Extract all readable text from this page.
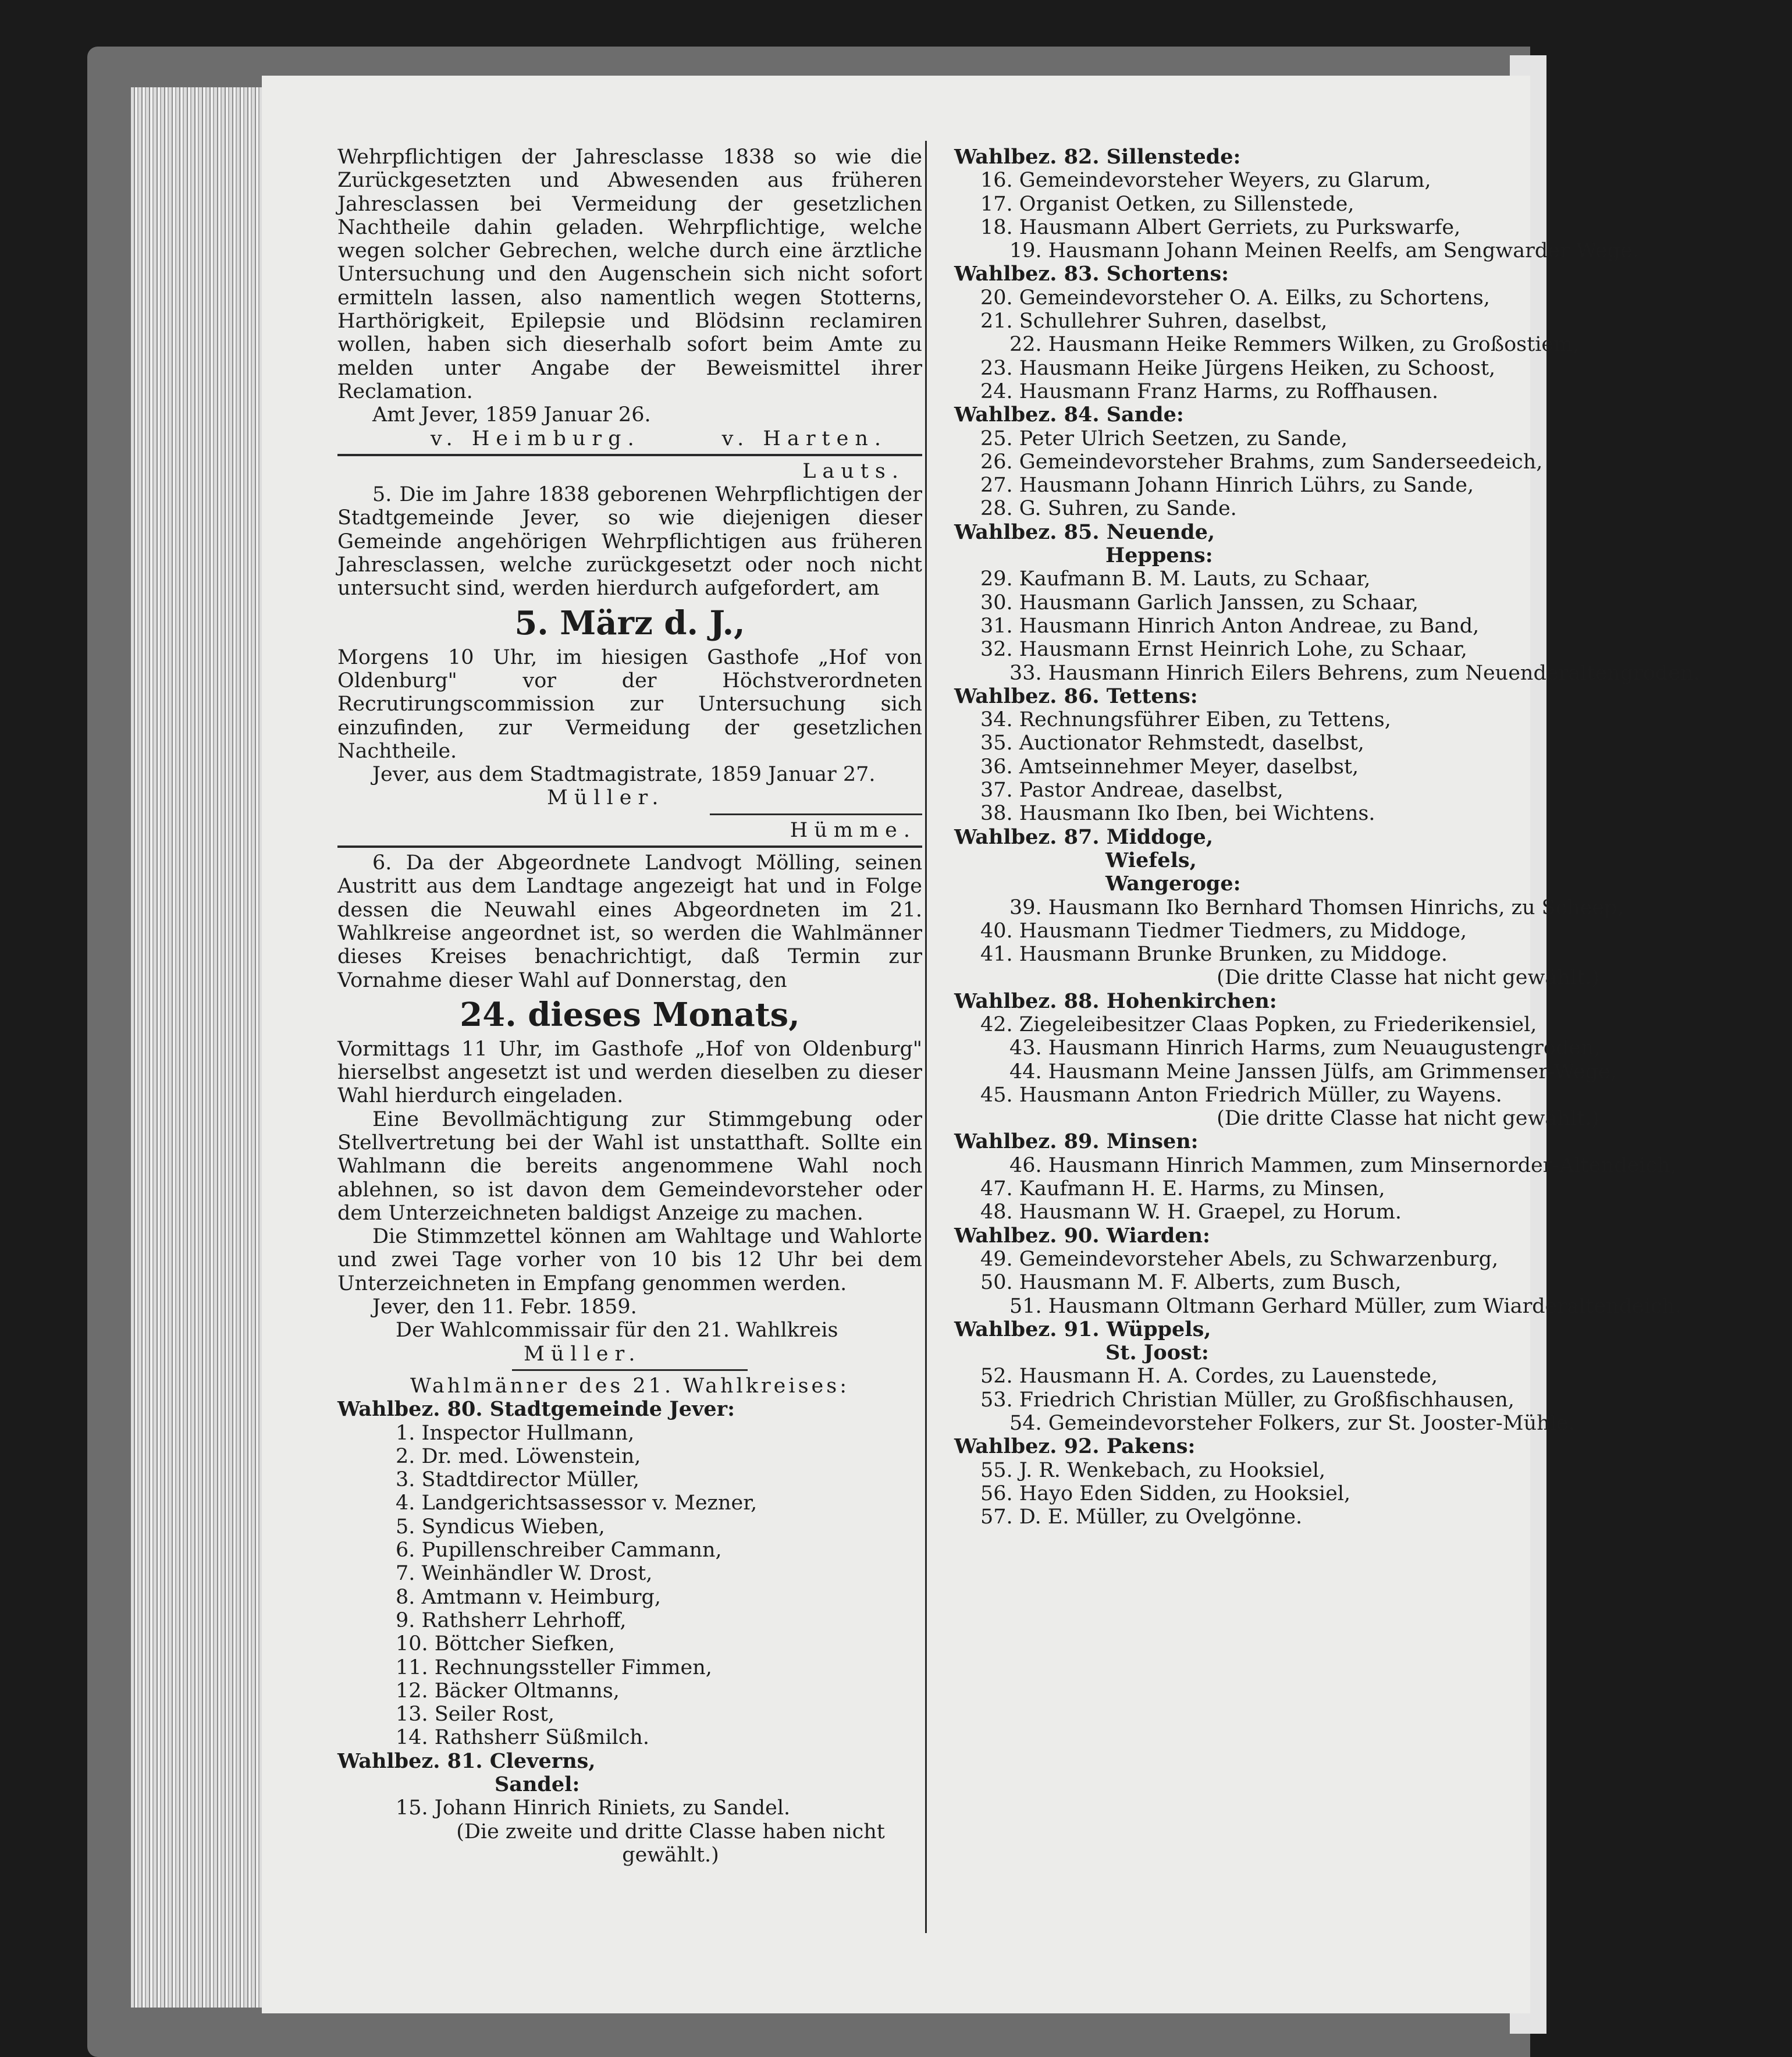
Wehrpflichtigen der Jahresclasse 1838 so wie die Zurückgesetzten und Abwesenden aus früheren Jahresclassen bei Vermeidung der gesetzlichen Nachtheile dahin geladen. Wehrpflichtige, welche wegen solcher Gebrechen, welche durch eine ärztliche Untersuchung und den Augenschein sich nicht sofort ermitteln lassen, also namentlich wegen Stotterns, Harthörigkeit, Epilepsie und Blödsinn reclamiren wollen, haben sich dieserhalb sofort beim Amte zu melden unter Angabe der Beweismittel ihrer Reclamation.
Amt Jever, 1859 Januar 26.
v. Heimburg.	v. Harten.
Lauts.
5. Die im Jahre 1838 geborenen Wehrpflichtigen der Stadtgemeinde Jever, so wie diejenigen dieser Gemeinde angehörigen Wehrpflichtigen aus früheren Jahresclassen, welche zurückgesetzt oder noch nicht untersucht sind, werden hierdurch aufgefordert, am
5. März d. J.,
Morgens 10 Uhr, im hiesigen Gasthofe „Hof von Oldenburg" vor der Höchstverordneten Recrutirungscommission zur Untersuchung sich einzufinden, zur Vermeidung der gesetzlichen Nachtheile.
Jever, aus dem Stadtmagistrate, 1859 Januar 27.
Müller.
Hümme.
6. Da der Abgeordnete Landvogt Mölling, seinen Austritt aus dem Landtage angezeigt hat und in Folge dessen die Neuwahl eines Abgeordneten im 21. Wahlkreise angeordnet ist, so werden die Wahlmänner dieses Kreises benachrichtigt, daß Termin zur Vornahme dieser Wahl auf Donnerstag, den
24. dieses Monats,
Vormittags 11 Uhr, im Gasthofe „Hof von Oldenburg" hierselbst angesetzt ist und werden dieselben zu dieser Wahl hierdurch eingeladen.
Eine Bevollmächtigung zur Stimmgebung oder Stellvertretung bei der Wahl ist unstatthaft. Sollte ein Wahlmann die bereits angenommene Wahl noch ablehnen, so ist davon dem Gemeindevorsteher oder dem Unterzeichneten baldigst Anzeige zu machen.
Die Stimmzettel können am Wahltage und Wahlorte und zwei Tage vorher von 10 bis 12 Uhr bei dem Unterzeichneten in Empfang genommen werden.
Jever, den 11. Febr. 1859.
Der Wahlcommissair für den 21. Wahlkreis
Müller.
Wahlmänner des 21. Wahlkreises:
Wahlbez. 80. Stadtgemeinde Jever:
1. Inspector Hullmann,
2. Dr. med. Löwenstein,
3. Stadtdirector Müller,
4. Landgerichtsassessor v. Mezner,
5. Syndicus Wieben,
6. Pupillenschreiber Cammann,
7. Weinhändler W. Drost,
8. Amtmann v. Heimburg,
9. Rathsherr Lehrhoff,
10. Böttcher Siefken,
11. Rechnungssteller Fimmen,
12. Bäcker Oltmanns,
13. Seiler Rost,
14. Rathsherr Süßmilch.
Wahlbez. 81. Cleverns,
Sandel:
15. Johann Hinrich Riniets, zu Sandel.
(Die zweite und dritte Classe haben nicht gewählt.)
Wahlbez. 82. Sillenstede:
16. Gemeindevorsteher Weyers, zu Glarum,
17. Organist Oetken, zu Sillenstede,
18. Hausmann Albert Gerriets, zu Purkswarfe,
19. Hausmann Johann Meinen Reelfs, am Sengwarder Wege.
Wahlbez. 83. Schortens:
20. Gemeindevorsteher O. A. Eilks, zu Schortens,
21. Schullehrer Suhren, daselbst,
22. Hausmann Heike Remmers Wilken, zu Großostiem,
23. Hausmann Heike Jürgens Heiken, zu Schoost,
24. Hausmann Franz Harms, zu Roffhausen.
Wahlbez. 84. Sande:
25. Peter Ulrich Seetzen, zu Sande,
26. Gemeindevorsteher Brahms, zum Sanderseedeich,
27. Hausmann Johann Hinrich Lührs, zu Sande,
28. G. Suhren, zu Sande.
Wahlbez. 85. Neuende,
Heppens:
29. Kaufmann B. M. Lauts, zu Schaar,
30. Hausmann Garlich Janssen, zu Schaar,
31. Hausmann Hinrich Anton Andreae, zu Band,
32. Hausmann Ernst Heinrich Lohe, zu Schaar,
33. Hausmann Hinrich Eilers Behrens, zum Neuenderaltengroden.
Wahlbez. 86. Tettens:
34. Rechnungsführer Eiben, zu Tettens,
35. Auctionator Rehmstedt, daselbst,
36. Amtseinnehmer Meyer, daselbst,
37. Pastor Andreae, daselbst,
38. Hausmann Iko Iben, bei Wichtens.
Wahlbez. 87. Middoge,
Wiefels,
Wangeroge:
39. Hausmann Iko Bernhard Thomsen Hinrichs, zu Scheep,
40. Hausmann Tiedmer Tiedmers, zu Middoge,
41. Hausmann Brunke Brunken, zu Middoge.
(Die dritte Classe hat nicht gewählt.)
Wahlbez. 88. Hohenkirchen:
42. Ziegeleibesitzer Claas Popken, zu Friederikensiel,
43. Hausmann Hinrich Harms, zum Neuaugustengroden,
44. Hausmann Meine Janssen Jülfs, am Grimmenser-Wege,
45. Hausmann Anton Friedrich Müller, zu Wayens.
(Die dritte Classe hat nicht gewählt.)
Wahlbez. 89. Minsen:
46. Hausmann Hinrich Mammen, zum Minsernorder-Altendeich,
47. Kaufmann H. E. Harms, zu Minsen,
48. Hausmann W. H. Graepel, zu Horum.
Wahlbez. 90. Wiarden:
49. Gemeindevorsteher Abels, zu Schwarzenburg,
50. Hausmann M. F. Alberts, zum Busch,
51. Hausmann Oltmann Gerhard Müller, zum Wiarderaltendeich.
Wahlbez. 91. Wüppels,
St. Joost:
52. Hausmann H. A. Cordes, zu Lauenstede,
53. Friedrich Christian Müller, zu Großfischhausen,
54. Gemeindevorsteher Folkers, zur St. Jooster-Mühle.
Wahlbez. 92. Pakens:
55. J. R. Wenkebach, zu Hooksiel,
56. Hayo Eden Sidden, zu Hooksiel,
57. D. E. Müller, zu Ovelgönne.
